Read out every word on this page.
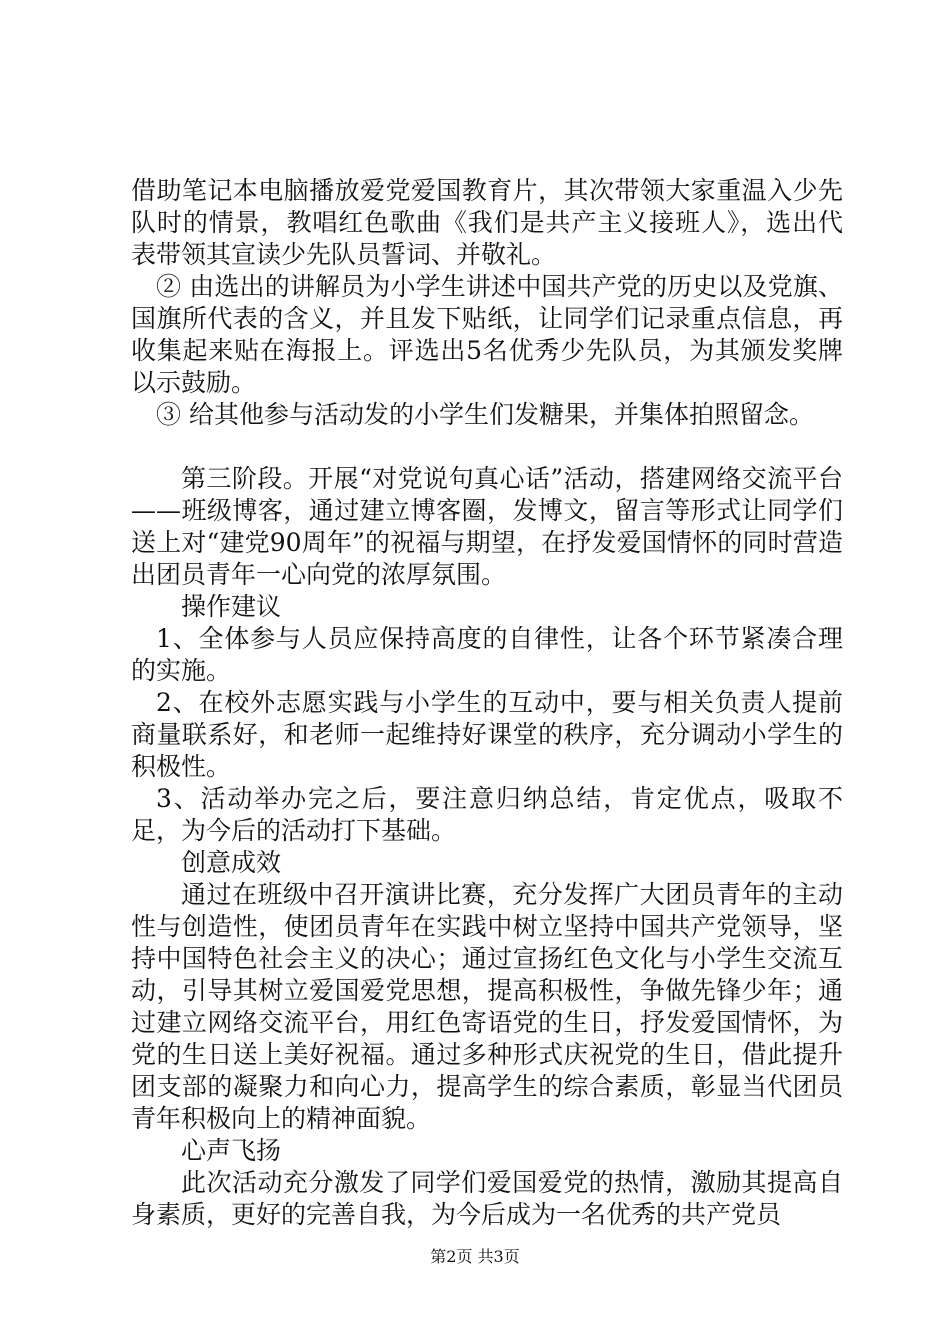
借助笔记本电脑播放爱党爱国教育片，其次带领大家重温入少先队时的情景，教唱红色歌曲《我们是共产主义接班人》，选出代表带领其宣读少先队员誓词、并敬礼。

② 由选出的讲解员为小学生讲述中国共产党的历史以及党旗、国旗所代表的含义，并且发下贴纸，让同学们记录重点信息，再收集起来贴在海报上。评选出5名优秀少先队员，为其颁发奖牌以示鼓励。

③ 给其他参与活动发的小学生们发糖果，并集体拍照留念。

第三阶段。开展“对党说句真心话”活动，搭建网络交流平台——班级博客，通过建立博客圈，发博文，留言等形式让同学们送上对“建党90周年”的祝福与期望，在抒发爱国情怀的同时营造出团员青年一心向党的浓厚氛围。

操作建议

1、全体参与人员应保持高度的自律性，让各个环节紧凑合理的实施。

2、在校外志愿实践与小学生的互动中，要与相关负责人提前商量联系好，和老师一起维持好课堂的秩序，充分调动小学生的积极性。

3、活动举办完之后，要注意归纳总结，肯定优点，吸取不足，为今后的活动打下基础。

创意成效

通过在班级中召开演讲比赛，充分发挥广大团员青年的主动性与创造性，使团员青年在实践中树立坚持中国共产党领导，坚持中国特色社会主义的决心；通过宣扬红色文化与小学生交流互动，引导其树立爱国爱党思想，提高积极性，争做先锋少年；通过建立网络交流平台，用红色寄语党的生日，抒发爱国情怀，为党的生日送上美好祝福。通过多种形式庆祝党的生日，借此提升团支部的凝聚力和向心力，提高学生的综合素质，彰显当代团员青年积极向上的精神面貌。

心声飞扬

此次活动充分激发了同学们爱国爱党的热情，激励其提高自身素质，更好的完善自我，为今后成为一名优秀的共产党员

第2页 共3页
